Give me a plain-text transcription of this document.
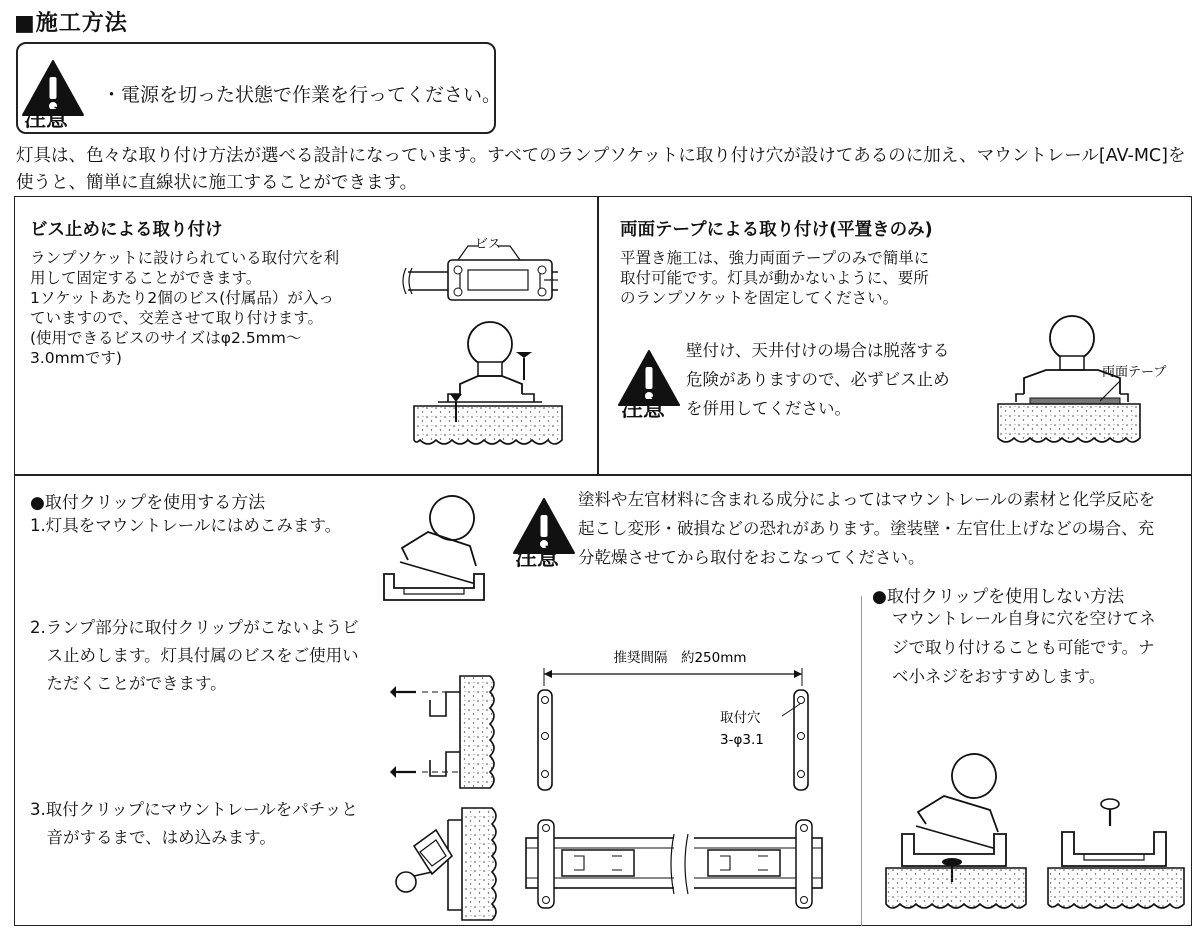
■施工方法
注意
・電源を切った状態で作業を行ってください。
灯具は、色々な取り付け方法が選べる設計になっています。すべてのランプソケットに取り付け穴が設けてあるのに加え、マウントレール[AV-MC]を使うと、簡単に直線状に施工することができます。
ビス止めによる取り付け
ランプソケットに設けられている取付穴を利
用して固定することができます。
1ソケットあたり2個のビス(付属品）が入っ
ていますので、交差させて取り付けます。
(使用できるビスのサイズはφ2.5mm～
3.0mmです)
ビス
両面テープによる取り付け(平置きのみ)
平置き施工は、強力両面テープのみで簡単に
取付可能です。灯具が動かないように、要所
のランプソケットを固定してください。
注意
壁付け、天井付けの場合は脱落する
危険がありますので、必ずビス止め
を併用してください。
両面テープ
●取付クリップを使用する方法
1.灯具をマウントレールにはめこみます。
注意
塗料や左官材料に含まれる成分によってはマウントレールの素材と化学反応を
起こし変形・破損などの恐れがあります。塗装壁・左官仕上げなどの場合、充
分乾燥させてから取付をおこなってください。
2.ランプ部分に取付クリップがこないようビ
　ス止めします。灯具付属のビスをご使用い
　ただくことができます。
3.取付クリップにマウントレールをパチッと
　音がするまで、はめ込みます。
推奨間隔　約250mm
取付穴
3-φ3.1
●取付クリップを使用しない方法
マウントレール自身に穴を空けてネ
ジで取り付けることも可能です。ナ
ベ小ネジをおすすめします。
